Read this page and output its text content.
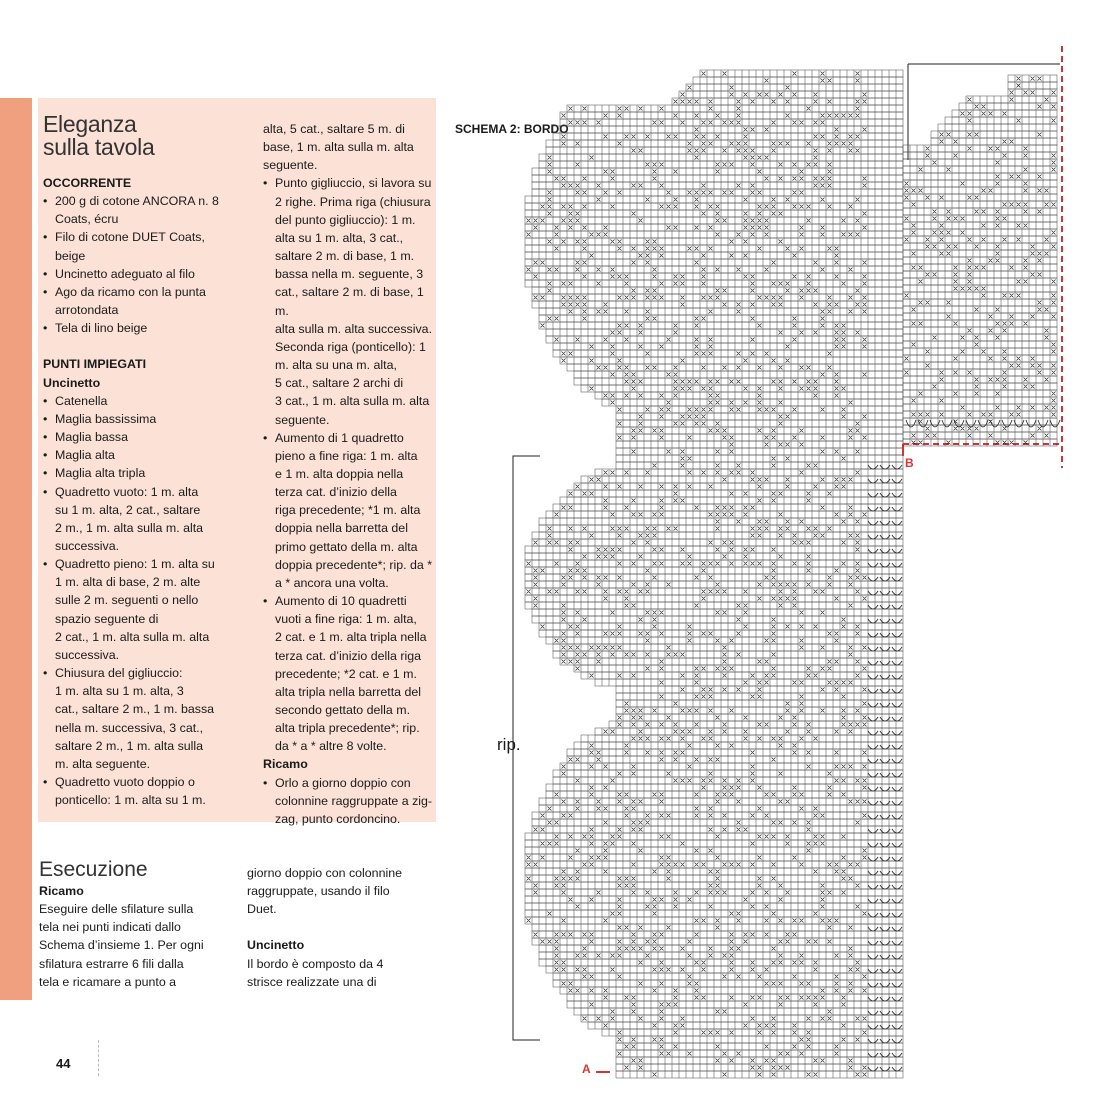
Eleganza
sulla tavola
OCCORRENTE
• 200 g di cotone ANCORA n. 8
Coats, écru
• Filo di cotone DUET Coats,
beige
• Uncinetto adeguato al filo
• Ago da ricamo con la punta
arrotondata
• Tela di lino beige
PUNTI IMPIEGATI
Uncinetto
• Catenella
• Maglia bassissima
• Maglia bassa
• Maglia alta
• Maglia alta tripla
• Quadretto vuoto: 1 m. alta
su 1 m. alta, 2 cat., saltare
2 m., 1 m. alta sulla m. alta
successiva.
• Quadretto pieno: 1 m. alta su
1 m. alta di base, 2 m. alte
sulle 2 m. seguenti o nello
spazio seguente di
2 cat., 1 m. alta sulla m. alta
successiva.
• Chiusura del gigliuccio:
1 m. alta su 1 m. alta, 3
cat., saltare 2 m., 1 m. bassa
nella m. successiva, 3 cat.,
saltare 2 m., 1 m. alta sulla
m. alta seguente.
• Quadretto vuoto doppio o
ponticello: 1 m. alta su 1 m.
alta, 5 cat., saltare 5 m. di
base, 1 m. alta sulla m. alta
seguente.
• Punto gigliuccio, si lavora su
2 righe. Prima riga (chiusura
del punto gigliuccio): 1 m.
alta su 1 m. alta, 3 cat.,
saltare 2 m. di base, 1 m.
bassa nella m. seguente, 3
cat., saltare 2 m. di base, 1 m.
alta sulla m. alta successiva.
Seconda riga (ponticello): 1
m. alta su una m. alta,
5 cat., saltare 2 archi di
3 cat., 1 m. alta sulla m. alta
seguente.
• Aumento di 1 quadretto
pieno a fine riga: 1 m. alta
e 1 m. alta doppia nella
terza cat. d’inizio della
riga precedente; *1 m. alta
doppia nella barretta del
primo gettato della m. alta
doppia precedente*; rip. da *
a * ancora una volta.
• Aumento di 10 quadretti
vuoti a fine riga: 1 m. alta,
2 cat. e 1 m. alta tripla nella
terza cat. d’inizio della riga
precedente; *2 cat. e 1 m.
alta tripla nella barretta del
secondo gettato della m.
alta tripla precedente*; rip.
da * a * altre 8 volte.
Ricamo
• Orlo a giorno doppio con
colonnine raggruppate a zig-
zag, punto cordoncino.
Esecuzione
Ricamo
Eseguire delle sfilature sulla
tela nei punti indicati dallo
Schema d’insieme 1. Per ogni
sfilatura estrarre 6 fili dalla
tela e ricamare a punto a
giorno doppio con colonnine
raggruppate, usando il filo
Duet.
Uncinetto
Il bordo è composto da 4
strisce realizzate una di
44
SCHEMA 2: BORDO
rip.
A
B
